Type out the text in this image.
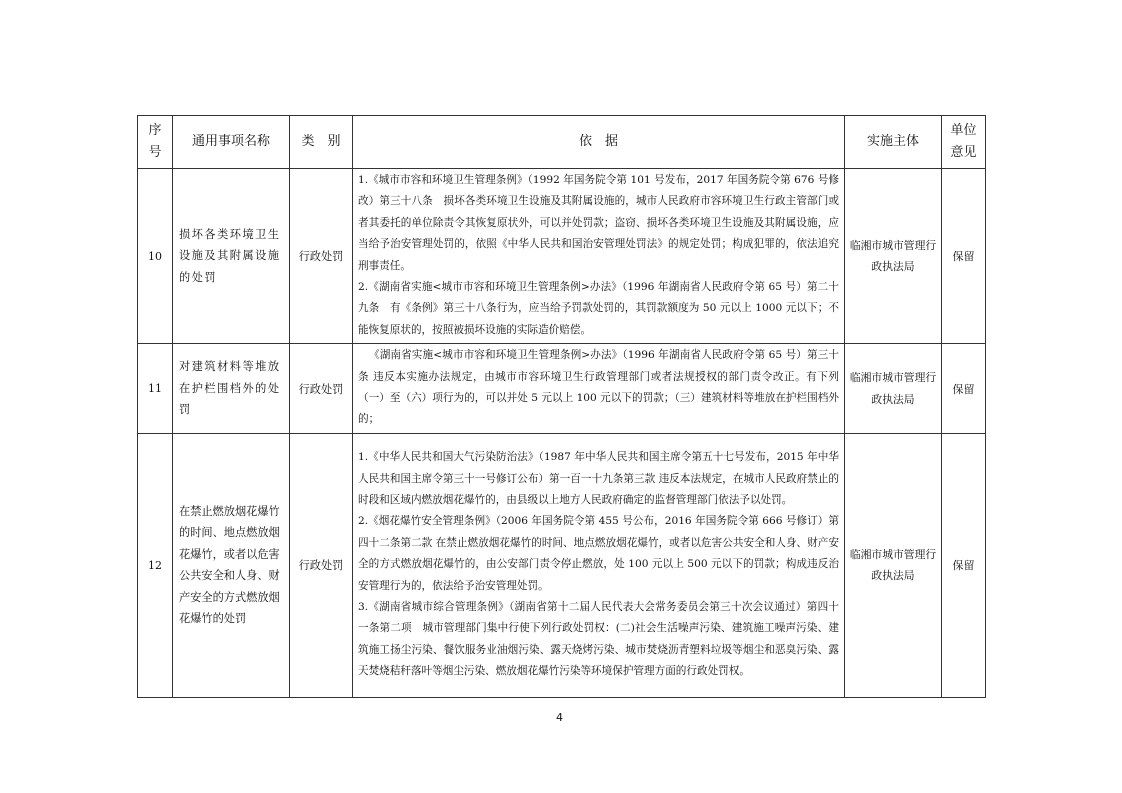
序
号	通用事项名称	类　别	依　据	实施主体	单位
意见

10	损坏各类环境卫生设施及其附属设施的处罚	行政处罚	1.《城市市容和环境卫生管理条例》（1992 年国务院令第 101 号发布，2017 年国务院令第 676 号修改）第三十八条　损坏各类环境卫生设施及其附属设施的，城市人民政府市容环境卫生行政主管部门或者其委托的单位除责令其恢复原状外，可以并处罚款；盗窃、损坏各类环境卫生设施及其附属设施，应当给予治安管理处罚的，依照《中华人民共和国治安管理处罚法》的规定处罚；构成犯罪的，依法追究刑事责任。

2.《湖南省实施<城市市容和环境卫生管理条例>办法》（1996 年湖南省人民政府令第 65 号）第二十九条　有《条例》第三十八条行为，应当给予罚款处罚的，其罚款额度为 50 元以上 1000 元以下；不能恢复原状的，按照被损坏设施的实际造价赔偿。	临湘市城市管理行政执法局	保留
11	对建筑材料等堆放在护栏围档外的处罚	行政处罚	《湖南省实施<城市市容和环境卫生管理条例>办法》（1996 年湖南省人民政府令第 65 号）第三十条 违反本实施办法规定，由城市市容环境卫生行政管理部门或者法规授权的部门责令改正。有下列（一）至（六）项行为的，可以并处 5 元以上 100 元以下的罚款；（三）建筑材料等堆放在护栏围档外的；	临湘市城市管理行政执法局	保留
12	在禁止燃放烟花爆竹的时间、地点燃放烟花爆竹，或者以危害公共安全和人身、财产安全的方式燃放烟花爆竹的处罚	行政处罚	1.《中华人民共和国大气污染防治法》（1987 年中华人民共和国主席令第五十七号发布，2015 年中华人民共和国主席令第三十一号修订公布）第一百一十九条第三款 违反本法规定，在城市人民政府禁止的时段和区域内燃放烟花爆竹的，由县级以上地方人民政府确定的监督管理部门依法予以处罚。

2.《烟花爆竹安全管理条例》（2006 年国务院令第 455 号公布，2016 年国务院令第 666 号修订）第四十二条第二款 在禁止燃放烟花爆竹的时间、地点燃放烟花爆竹，或者以危害公共安全和人身、财产安全的方式燃放烟花爆竹的，由公安部门责令停止燃放，处 100 元以上 500 元以下的罚款；构成违反治安管理行为的，依法给予治安管理处罚。

3.《湖南省城市综合管理条例》（湖南省第十二届人民代表大会常务委员会第三十次会议通过）第四十一条第二项　城市管理部门集中行使下列行政处罚权：(二)社会生活噪声污染、建筑施工噪声污染、建筑施工扬尘污染、餐饮服务业油烟污染、露天烧烤污染、城市焚烧沥青塑料垃圾等烟尘和恶臭污染、露天焚烧秸秆落叶等烟尘污染、燃放烟花爆竹污染等环境保护管理方面的行政处罚权。	临湘市城市管理行政执法局	保留
4
